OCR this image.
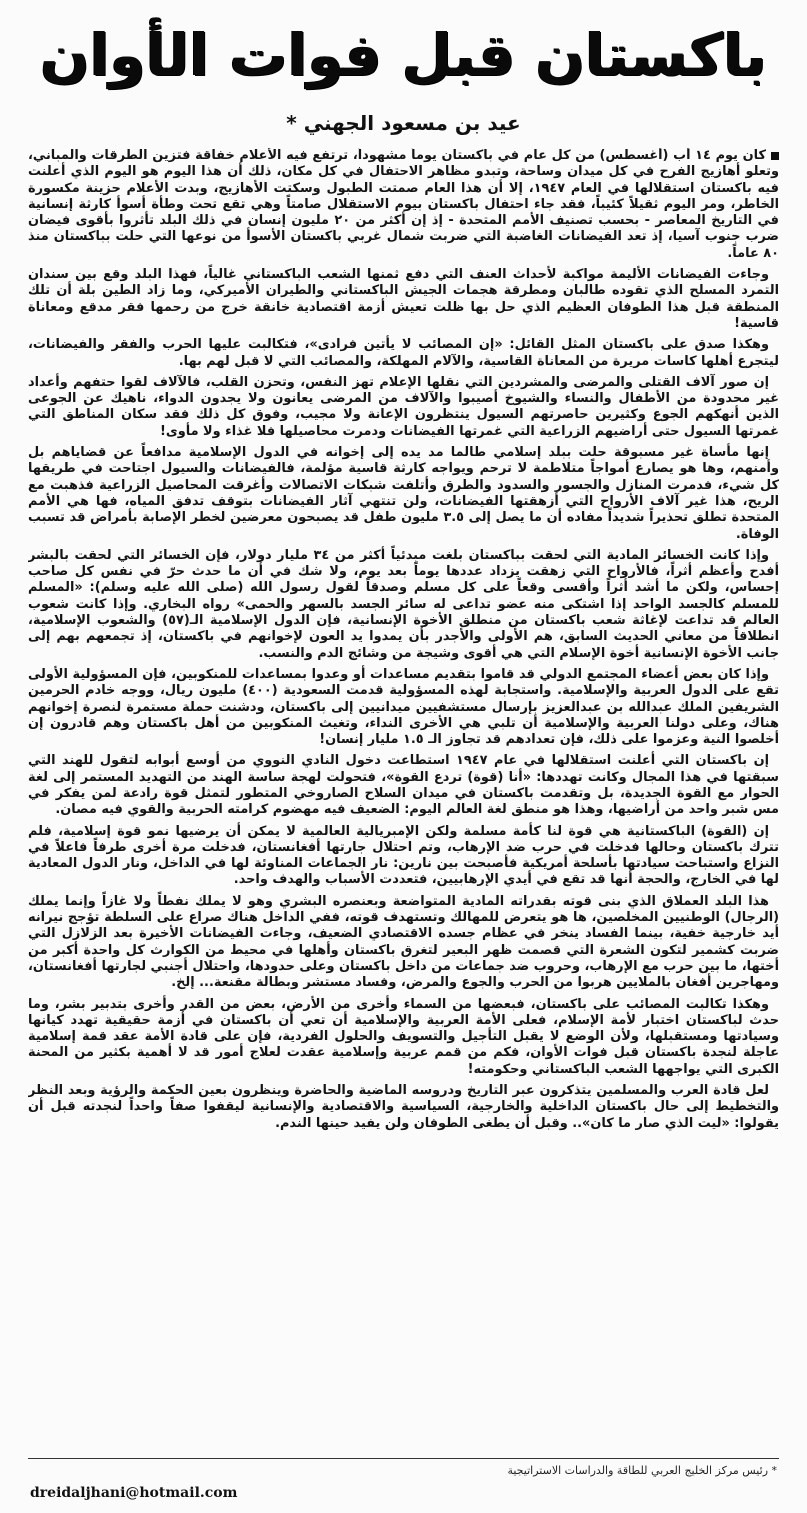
باكستان قبل فوات الأوان
عيد بن مسعود الجهني *

كان يوم ١٤ أب (أغسطس) من كل عام في باكستان يوماً مشهوداً، ترتفع فيه الأعلام خفاقة فتزين الطرقات والمباني، وتعلو أهازيج الفرح في كل ميدان وساحة، وتبدو مظاهر الاحتفال في كل مكان، ذلك أن هذا اليوم هو اليوم الذي أعلنت فيه باكستان استقلالها في العام ١٩٤٧، إلا أن هذا العام صمتت الطبول وسكتت الأهازيج، وبدت الأعلام حزينة مكسورة الخاطر، ومر اليوم ثقيلاً كئيباً، فقد جاء احتفال باكستان بيوم الاستقلال صامتاً وهي تقع تحت وطأة أسوأ كارثة إنسانية في التاريخ المعاصر - بحسب تصنيف الأمم المتحدة - إذ إن أكثر من ٢٠ مليون إنسان في ذلك البلد تأثروا بأقوى فيضان ضرب جنوب آسيا، إذ تعد الفيضانات الغاضبة التي ضربت شمال غربي باكستان الأسوأ من نوعها التي حلت بباكستان منذ ٨٠ عاماً.

وجاءت الفيضانات الأليمة مواكبة لأحداث العنف التي دفع ثمنها الشعب الباكستاني غالياً، فهذا البلد وقع بين سندان التمرد المسلح الذي تقوده طالبان ومطرقة هجمات الجيش الباكستاني والطيران الأميركي، وما زاد الطين بلة أن تلك المنطقة قبل هذا الطوفان العظيم الذي حل بها ظلت تعيش أزمة اقتصادية خانقة خرج من رحمها فقر مدقع ومعاناة قاسية!

وهكذا صدق على باكستان المثل القائل: «إن المصائب لا يأتين فرادى»، فتكالبت عليها الحرب والفقر والفيضانات، ليتجرع أهلها كاسات مريرة من المعاناة القاسية، والآلام المهلكة، والمصائب التي لا قبل لهم بها.

إن صور آلاف القتلى والمرضى والمشردين التي نقلها الإعلام تهز النفس، وتحزن القلب، فالآلاف لقوا حتفهم وأعداد غير محدودة من الأطفال والنساء والشيوخ أصيبوا والآلاف من المرضى يعانون ولا يجدون الدواء، ناهيك عن الجوعى الذين أنهكهم الجوع وكثيرين حاصرتهم السيول ينتظرون الإعانة ولا مجيب، وفوق كل ذلك فقد سكان المناطق التي غمرتها السيول حتى أراضيهم الزراعية التي غمرتها الفيضانات ودمرت محاصيلها فلا غذاء ولا مأوى!

إنها مأساة غير مسبوقة حلت ببلد إسلامي طالما مد يده إلى إخوانه في الدول الإسلامية مدافعاً عن قضاياهم بل وأمنهم، وها هو يصارع أمواجاً متلاطمة لا ترحم ويواجه كارثة قاسية مؤلمة، فالفيضانات والسيول اجتاحت في طريقها كل شيء، فدمرت المنازل والجسور والسدود والطرق وأتلفت شبكات الاتصالات وأغرقت المحاصيل الزراعية فذهبت مع الريح، هذا غير آلاف الأرواح التي أزهقتها الفيضانات، ولن تنتهي آثار الفيضانات بتوقف تدفق المياه، فها هي الأمم المتحدة تطلق تحذيراً شديداً مفاده أن ما يصل إلى ٣.٥ مليون طفل قد يصبحون معرضين لخطر الإصابة بأمراض قد تسبب الوفاة.

وإذا كانت الخسائر المادية التي لحقت بباكستان بلغت مبدئياً أكثر من ٣٤ مليار دولار، فإن الخسائر التي لحقت بالبشر أفدح وأعظم أثراً، فالأرواح التي زهقت يزداد عددها يوماً بعد يوم، ولا شك في أن ما حدث حرّ في نفس كل صاحب إحساس، ولكن ما أشد أثراً وأقسى وقعاً على كل مسلم وصدقاً لقول رسول الله (صلى الله عليه وسلم): «المسلم للمسلم كالجسد الواحد إذا اشتكى منه عضو تداعى له سائر الجسد بالسهر والحمى» رواه البخاري. وإذا كانت شعوب العالم قد تداعت لإغاثة شعب باكستان من منطلق الأخوة الإنسانية، فإن الدول الإسلامية الـ(٥٧) والشعوب الإسلامية، انطلاقاً من معاني الحديث السابق، هم الأولى والأجدر بأن يمدوا يد العون لإخوانهم في باكستان، إذ تجمعهم بهم إلى جانب الأخوة الإنسانية أخوة الإسلام التي هي أقوى وشيجة من وشائج الدم والنسب.

وإذا كان بعض أعضاء المجتمع الدولي قد قاموا بتقديم مساعدات أو وعدوا بمساعدات للمنكوبين، فإن المسؤولية الأولى تقع على الدول العربية والإسلامية. واستجابة لهذه المسؤولية قدمت السعودية (٤٠٠) مليون ريال، ووجه خادم الحرمين الشريفين الملك عبدالله بن عبدالعزيز بإرسال مستشفيين ميدانيين إلى باكستان، ودشنت حملة مستمرة لنصرة إخوانهم هناك، وعلى دولنا العربية والإسلامية أن تلبي هي الأخرى النداء، وتغيث المنكوبين من أهل باكستان وهم قادرون إن أخلصوا النية وعزموا على ذلك، فإن تعدادهم قد تجاوز الـ ١.٥ مليار إنسان!

إن باكستان التي أعلنت استقلالها في عام ١٩٤٧ استطاعت دخول النادي النووي من أوسع أبوابه لتقول للهند التي سبقتها في هذا المجال وكانت تهددها: «أنا (قوة) تردع القوة»، فتحولت لهجة ساسة الهند من التهديد المستمر إلى لغة الحوار مع القوة الجديدة، بل وتقدمت باكستان في ميدان السلاح الصاروخي المتطور لتمثل قوة رادعة لمن يفكر في مس شبر واحد من أراضيها، وهذا هو منطق لغة العالم اليوم: الضعيف فيه مهضوم كرامته الحربية والقوي فيه مصان.

إن (القوة) الباكستانية هي قوة لنا كأمة مسلمة ولكن الإمبريالية العالمية لا يمكن أن يرضيها نمو قوة إسلامية، فلم تترك باكستان وحالها فدخلت في حرب ضد الإرهاب، وتم احتلال جارتها أفغانستان، فدخلت مرة أخرى طرفاً فاعلاً في النزاع واستباحت سيادتها بأسلحة أمريكية فأصبحت بين نارين: نار الجماعات المناوئة لها في الداخل، ونار الدول المعادية لها في الخارج، والحجة أنها قد تقع في أيدي الإرهابيين، فتعددت الأسباب والهدف واحد.

هذا البلد العملاق الذي بنى قوته بقدراته المادية المتواضعة وبعنصره البشري وهو لا يملك نفطاً ولا غازاً وإنما يملك (الرجال) الوطنيين المخلصين، ها هو يتعرض للمهالك وتستهدف قوته، ففي الداخل هناك صراع على السلطة تؤجج نيرانه أيد خارجية خفية، بينما الفساد ينخر في عظام جسده الاقتصادي الضعيف، وجاءت الفيضانات الأخيرة بعد الزلازل التي ضربت كشمير لتكون الشعرة التي قصمت ظهر البعير لتغرق باكستان وأهلها في محيط من الكوارث كل واحدة أكبر من أختها، ما بين حرب مع الإرهاب، وحروب ضد جماعات من داخل باكستان وعلى حدودها، واحتلال أجنبي لجارتها أفغانستان، ومهاجرين أفغان بالملايين هربوا من الحرب والجوع والمرض، وفساد مستشر وبطالة مقنعة... إلخ.

وهكذا تكالبت المصائب على باكستان، فبعضها من السماء وأخرى من الأرض، بعض من القدر وأخرى بتدبير بشر، وما حدث لباكستان اختبار لأمة الإسلام، فعلى الأمة العربية والإسلامية أن تعي أن باكستان في أزمة حقيقية تهدد كيانها وسيادتها ومستقبلها، ولأن الوضع لا يقبل التأجيل والتسويف والحلول الفردية، فإن على قادة الأمة عقد قمة إسلامية عاجلة لنجدة باكستان قبل فوات الأوان، فكم من قمم عربية وإسلامية عقدت لعلاج أمور قد لا أهمية بكثير من المحنة الكبرى التي يواجهها الشعب الباكستاني وحكومته!

لعل قادة العرب والمسلمين يتذكرون عبر التاريخ ودروسه الماضية والحاضرة وينظرون بعين الحكمة والرؤية وبعد النظر والتخطيط إلى حال باكستان الداخلية والخارجية، السياسية والاقتصادية والإنسانية ليقفوا صفاً واحداً لنجدته قبل أن يقولوا: «ليت الذي صار ما كان».. وقبل أن يطغى الطوفان ولن يفيد حينها الندم.

* رئيس مركز الخليج العربي للطاقة والدراسات الاستراتيجية
dreidaljhani@hotmail.com
